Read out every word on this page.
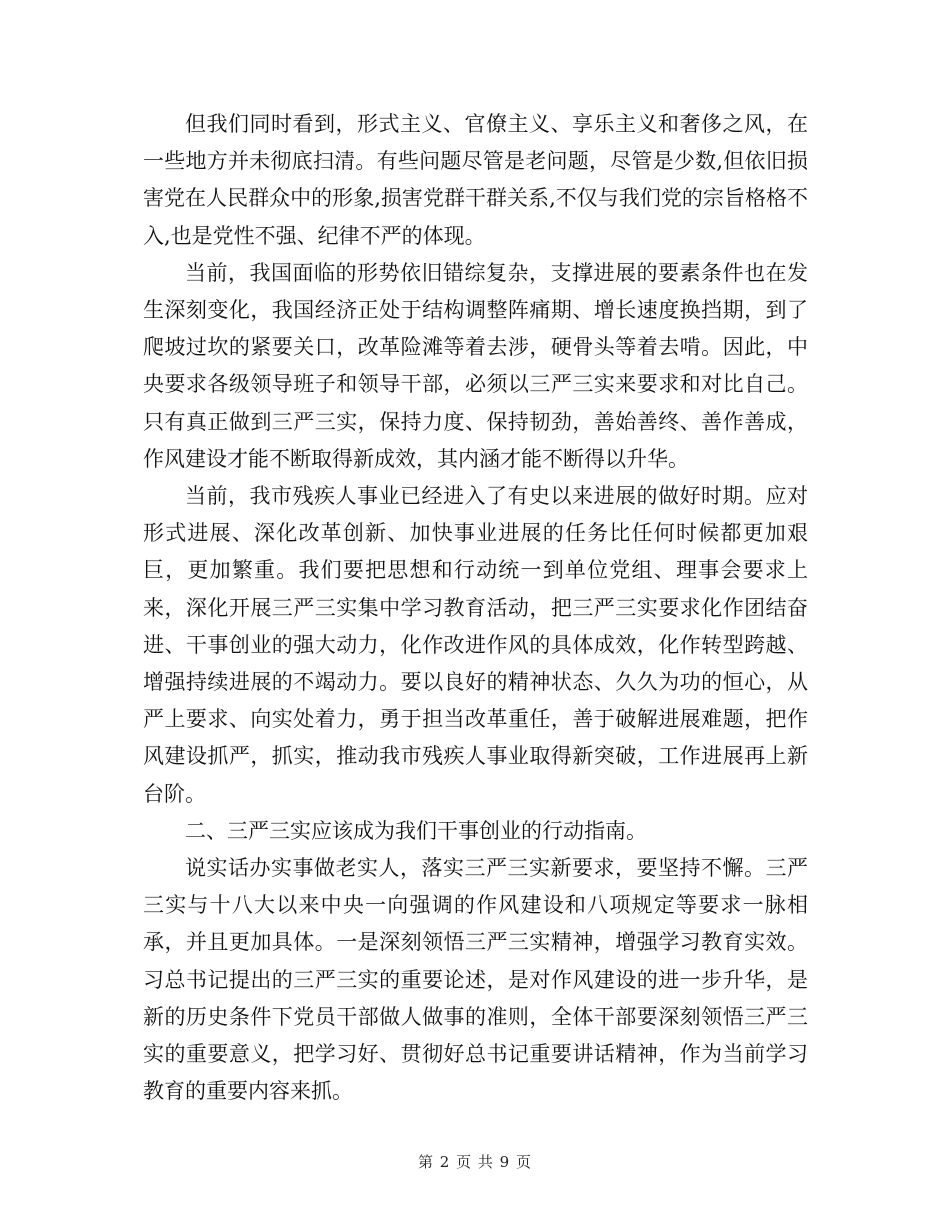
但我们同时看到，形式主义、官僚主义、享乐主义和奢侈之风，在一些地方并未彻底扫清。有些问题尽管是老问题，尽管是少数,但依旧损害党在人民群众中的形象,损害党群干群关系,不仅与我们党的宗旨格格不入,也是党性不强、纪律不严的体现。

当前，我国面临的形势依旧错综复杂，支撑进展的要素条件也在发生深刻变化，我国经济正处于结构调整阵痛期、增长速度换挡期，到了爬坡过坎的紧要关口，改革险滩等着去涉，硬骨头等着去啃。因此，中央要求各级领导班子和领导干部，必须以三严三实来要求和对比自己。只有真正做到三严三实，保持力度、保持韧劲，善始善终、善作善成，作风建设才能不断取得新成效，其内涵才能不断得以升华。

当前，我市残疾人事业已经进入了有史以来进展的做好时期。应对形式进展、深化改革创新、加快事业进展的任务比任何时候都更加艰巨，更加繁重。我们要把思想和行动统一到单位党组、理事会要求上来，深化开展三严三实集中学习教育活动，把三严三实要求化作团结奋进、干事创业的强大动力，化作改进作风的具体成效，化作转型跨越、增强持续进展的不竭动力。要以良好的精神状态、久久为功的恒心，从严上要求、向实处着力，勇于担当改革重任，善于破解进展难题，把作风建设抓严，抓实，推动我市残疾人事业取得新突破，工作进展再上新台阶。

二、三严三实应该成为我们干事创业的行动指南。

说实话办实事做老实人，落实三严三实新要求，要坚持不懈。三严三实与十八大以来中央一向强调的作风建设和八项规定等要求一脉相承，并且更加具体。一是深刻领悟三严三实精神，增强学习教育实效。习总书记提出的三严三实的重要论述，是对作风建设的进一步升华，是新的历史条件下党员干部做人做事的准则，全体干部要深刻领悟三严三实的重要意义，把学习好、贯彻好总书记重要讲话精神，作为当前学习教育的重要内容来抓。

第 2 页 共 9 页
